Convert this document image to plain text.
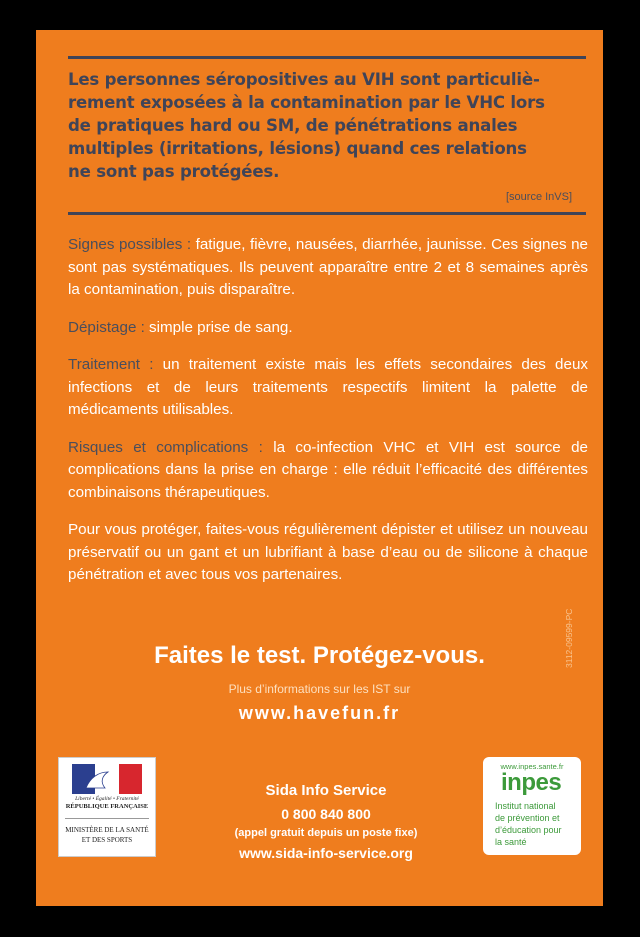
Les personnes séropositives au VIH sont particuliè-
rement exposées à la contamination par le VHC lors
de pratiques hard ou SM, de pénétrations anales
multiples (irritations, lésions) quand ces relations
ne sont pas protégées.
[source InVS]

Signes possibles : fatigue, fièvre, nausées, diarrhée, jaunisse. Ces signes ne sont pas systématiques. Ils peuvent apparaître entre 2 et 8 semaines après la contamination, puis disparaître.

Dépistage : simple prise de sang.

Traitement : un traitement existe mais les effets secondaires des deux infections et de leurs traitements respectifs limitent la palette de médicaments utilisables.

Risques et complications : la co-infection VHC et VIH est source de complications dans la prise en charge : elle réduit l’efficacité des différentes combinaisons thérapeutiques.

Pour vous protéger, faites-vous régulièrement dépister et utilisez un nouveau préservatif ou un gant et un lubrifiant à base d’eau ou de silicone à chaque pénétration et avec tous vos partenaires.

Faites le test. Protégez-vous.
Plus d’informations sur les IST sur
www.havefun.fr
3112-09599-PC
Liberté • Égalité • Fraternité
RÉPUBLIQUE FRANÇAISE
MINISTÈRE DE LA SANTÉ
ET DES SPORTS
Sida Info Service
0 800 840 800
(appel gratuit depuis un poste fixe)
www.sida-info-service.org
www.inpes.sante.fr
inpes
Institut national
de prévention et
d’éducation pour
la santé
